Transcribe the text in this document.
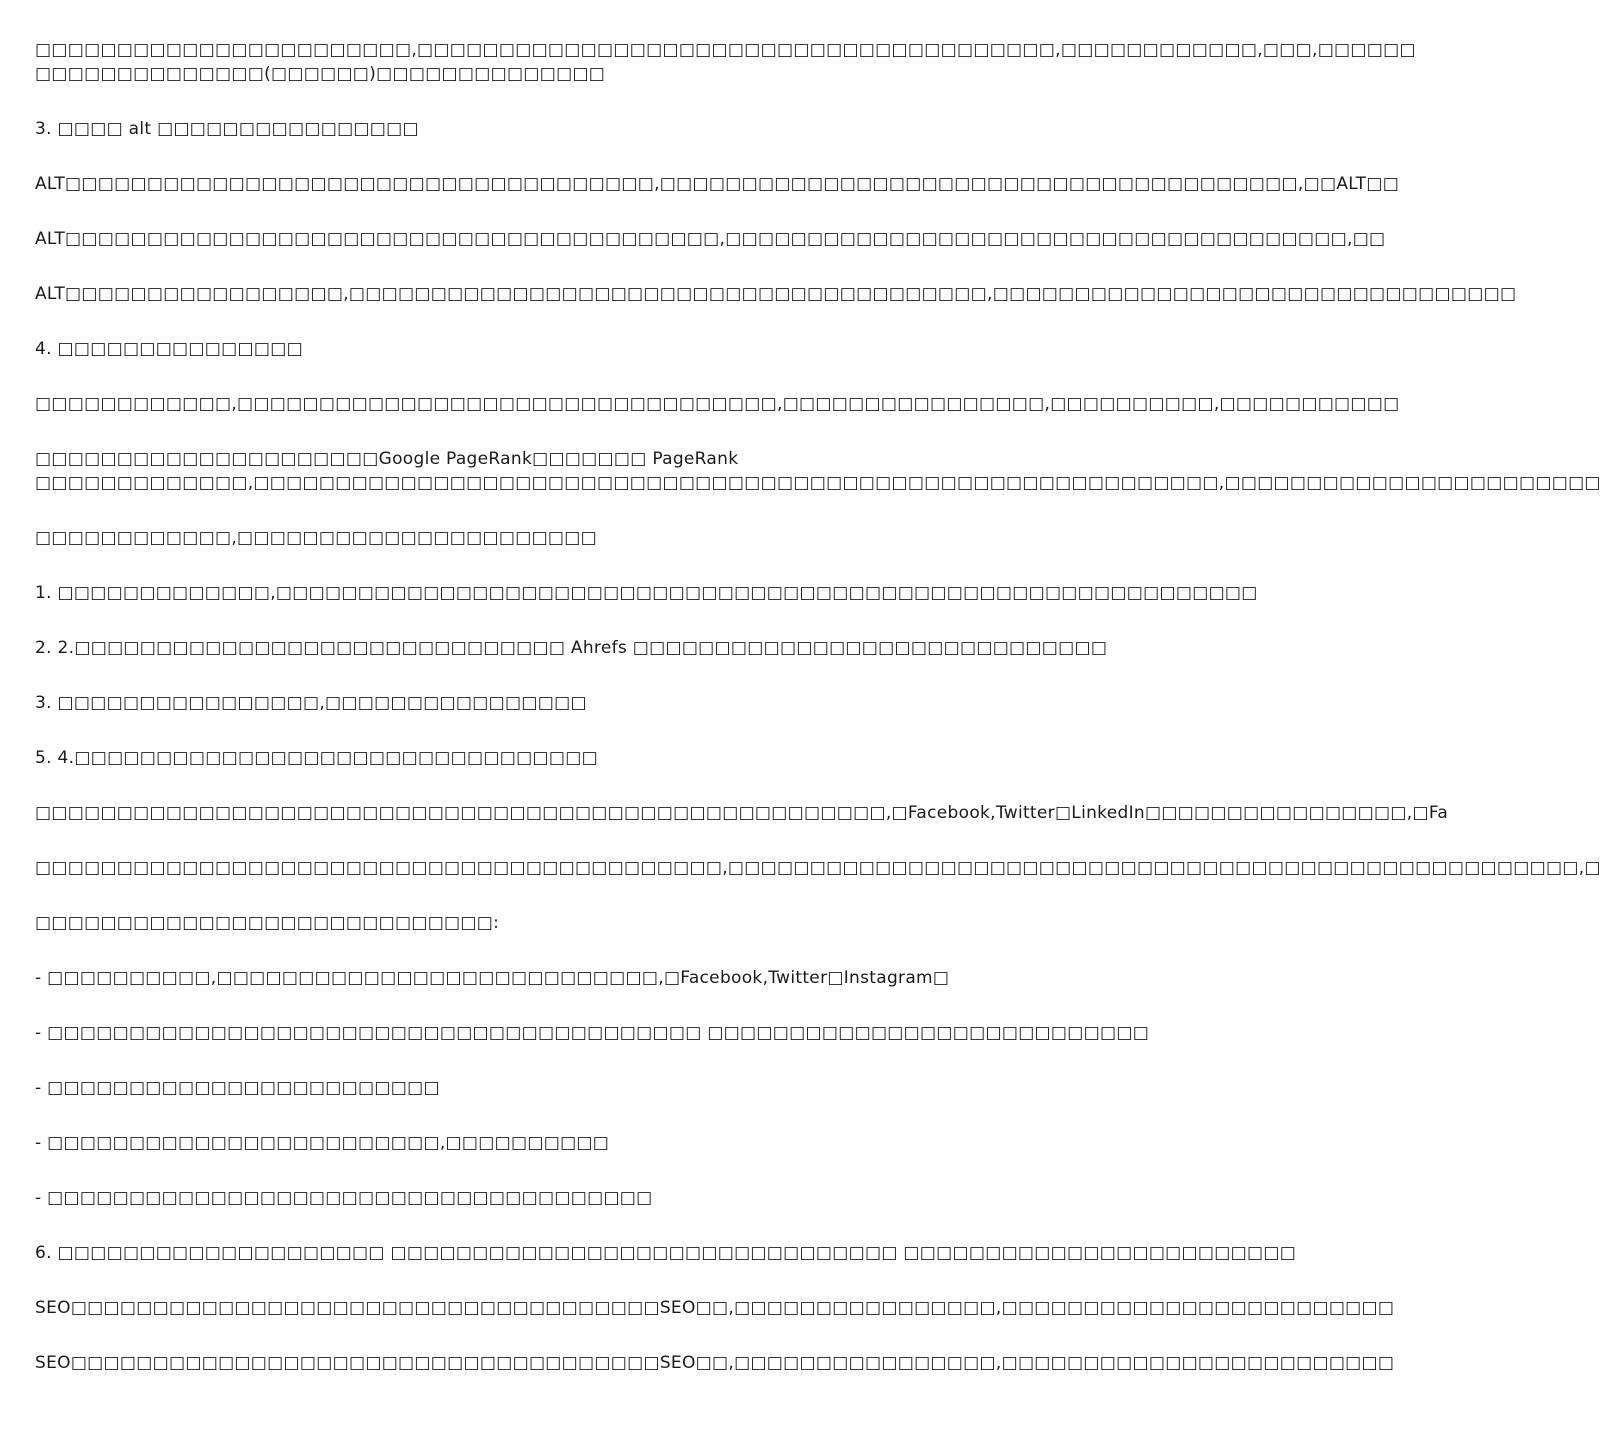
□□□□□□□□□□□□□□□□□□□□□□□,□□□□□□□□□□□□□□□□□□□□□□□□□□□□□□□□□□□□□□□,□□□□□□□□□□□□,□□□,□□□□□□
□□□□□□□□□□□□□□(□□□□□□)□□□□□□□□□□□□□□
3. □□□□ alt □□□□□□□□□□□□□□□□
ALT□□□□□□□□□□□□□□□□□□□□□□□□□□□□□□□□□□□□,□□□□□□□□□□□□□□□□□□□□□□□□□□□□□□□□□□□□□□□,□□ALT□□
ALT□□□□□□□□□□□□□□□□□□□□□□□□□□□□□□□□□□□□□□□□,□□□□□□□□□□□□□□□□□□□□□□□□□□□□□□□□□□□□□□,□□
ALT□□□□□□□□□□□□□□□□□,□□□□□□□□□□□□□□□□□□□□□□□□□□□□□□□□□□□□□□□,□□□□□□□□□□□□□□□□□□□□□□□□□□□□□□□□
4. □□□□□□□□□□□□□□□
□□□□□□□□□□□□,□□□□□□□□□□□□□□□□□□□□□□□□□□□□□□□□□,□□□□□□□□□□□□□□□□,□□□□□□□□□□,□□□□□□□□□□□
□□□□□□□□□□□□□□□□□□□□□Google PageRank□□□□□□□ PageRank
□□□□□□□□□□□□□,□□□□□□□□□□□□□□□□□□□□□□□□□□□□□□□□□□□□□□□□□□□□□□□□□□□□□□□□□□□,□□□□□□□□□□□□□□□□□□□□□□□
□□□□□□□□□□□□,□□□□□□□□□□□□□□□□□□□□□□
1. □□□□□□□□□□□□□,□□□□□□□□□□□□□□□□□□□□□□□□□□□□□□□□□□□□□□□□□□□□□□□□□□□□□□□□□□□□
2. 2.□□□□□□□□□□□□□□□□□□□□□□□□□□□□□□ Ahrefs □□□□□□□□□□□□□□□□□□□□□□□□□□□□□
3. □□□□□□□□□□□□□□□□,□□□□□□□□□□□□□□□□
5. 4.□□□□□□□□□□□□□□□□□□□□□□□□□□□□□□□□
□□□□□□□□□□□□□□□□□□□□□□□□□□□□□□□□□□□□□□□□□□□□□□□□□□□□,□Facebook,Twitter□LinkedIn□□□□□□□□□□□□□□□□,□Fa
□□□□□□□□□□□□□□□□□□□□□□□□□□□□□□□□□□□□□□□□□□,□□□□□□□□□□□□□□□□□□□□□□□□□□□□□□□□□□□□□□□□□□□□□□□□□□□□,□
□□□□□□□□□□□□□□□□□□□□□□□□□□□□:
- □□□□□□□□□□,□□□□□□□□□□□□□□□□□□□□□□□□□□□,□Facebook,Twitter□Instagram□
- □□□□□□□□□□□□□□□□□□□□□□□□□□□□□□□□□□□□□□□□ □□□□□□□□□□□□□□□□□□□□□□□□□□□
- □□□□□□□□□□□□□□□□□□□□□□□□
- □□□□□□□□□□□□□□□□□□□□□□□□,□□□□□□□□□□
- □□□□□□□□□□□□□□□□□□□□□□□□□□□□□□□□□□□□□
6. □□□□□□□□□□□□□□□□□□□□ □□□□□□□□□□□□□□□□□□□□□□□□□□□□□□□ □□□□□□□□□□□□□□□□□□□□□□□□
SEO□□□□□□□□□□□□□□□□□□□□□□□□□□□□□□□□□□□□SEO□□,□□□□□□□□□□□□□□□□,□□□□□□□□□□□□□□□□□□□□□□□□
SEO□□□□□□□□□□□□□□□□□□□□□□□□□□□□□□□□□□□□SEO□□,□□□□□□□□□□□□□□□□,□□□□□□□□□□□□□□□□□□□□□□□□
